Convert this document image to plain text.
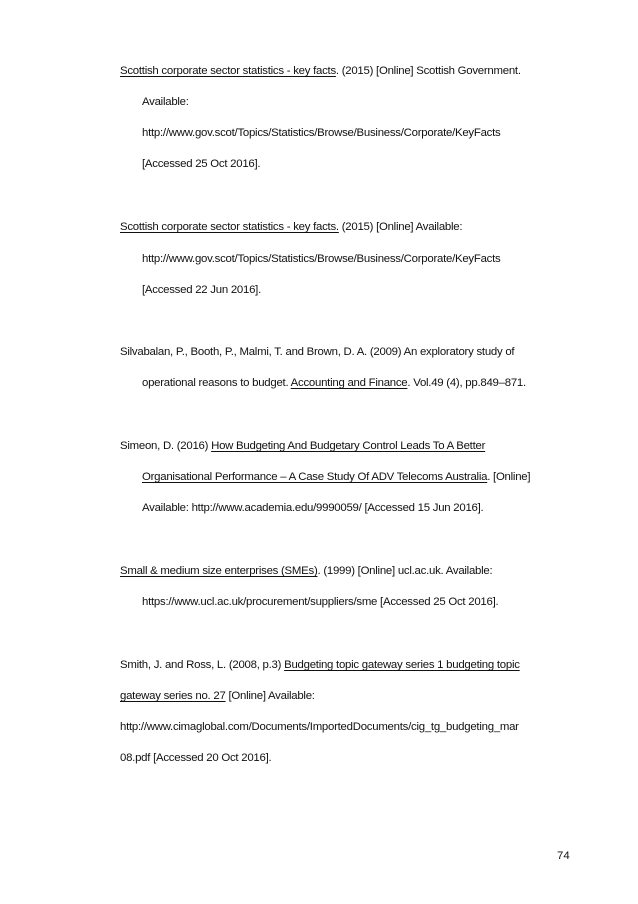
Scottish corporate sector statistics - key facts. (2015) [Online] Scottish Government.
Available:
http://www.gov.scot/Topics/Statistics/Browse/Business/Corporate/KeyFacts
[Accessed 25 Oct 2016].
Scottish corporate sector statistics - key facts. (2015) [Online] Available:
http://www.gov.scot/Topics/Statistics/Browse/Business/Corporate/KeyFacts
[Accessed 22 Jun 2016].
Silvabalan, P., Booth, P., Malmi, T. and Brown, D. A. (2009) An exploratory study of
operational reasons to budget. Accounting and Finance. Vol.49 (4), pp.849–871.
Simeon, D. (2016) How Budgeting And Budgetary Control Leads To A Better
Organisational Performance – A Case Study Of ADV Telecoms Australia. [Online]
Available: http://www.academia.edu/9990059/ [Accessed 15 Jun 2016].
Small & medium size enterprises (SMEs). (1999) [Online] ucl.ac.uk. Available:
https://www.ucl.ac.uk/procurement/suppliers/sme [Accessed 25 Oct 2016].
Smith, J. and Ross, L. (2008, p.3) Budgeting topic gateway series 1 budgeting topic
gateway series no. 27 [Online] Available:
http://www.cimaglobal.com/Documents/ImportedDocuments/cig_tg_budgeting_mar
08.pdf [Accessed 20 Oct 2016].
74
